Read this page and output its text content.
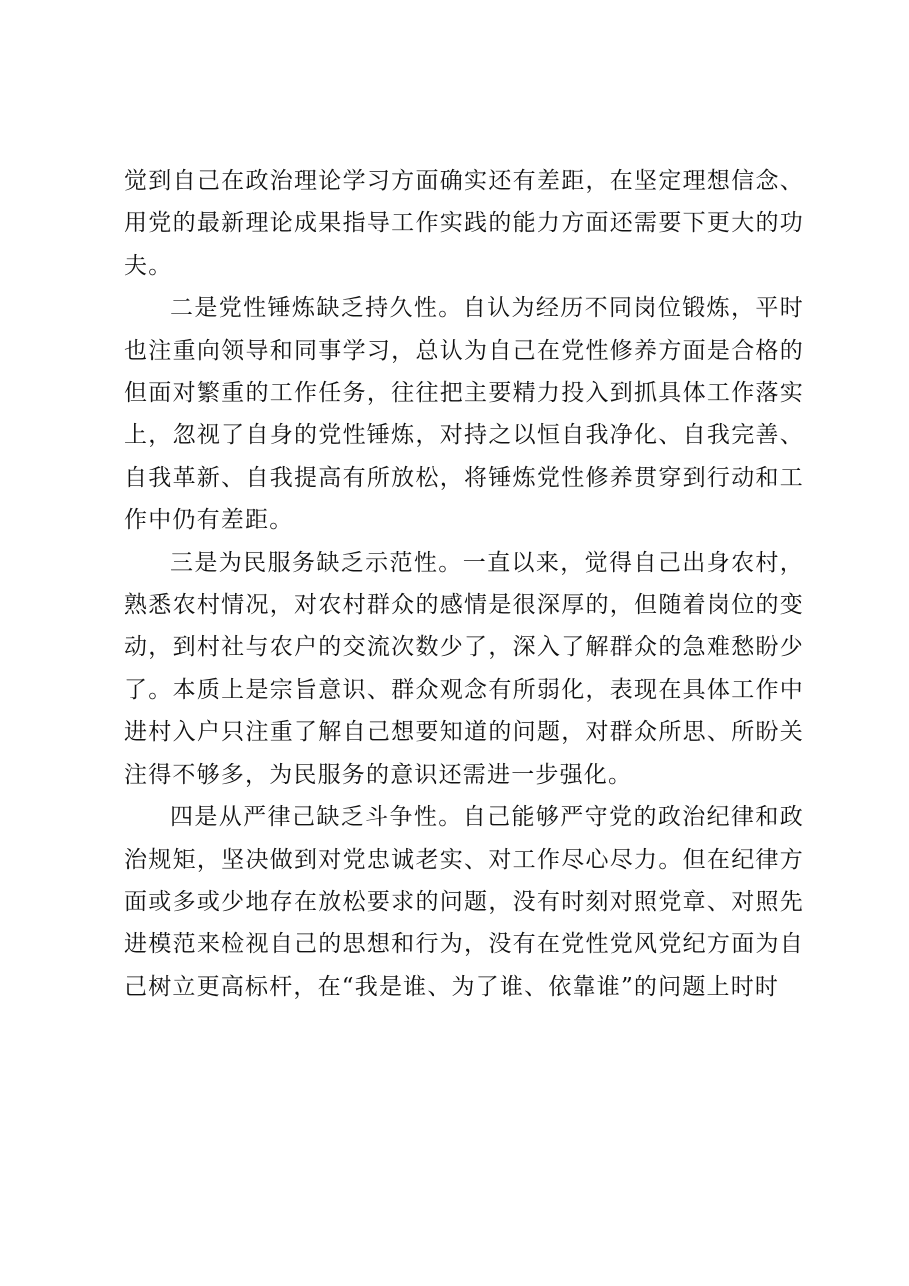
觉到自己在政治理论学习方面确实还有差距，在坚定理想信念、用党的最新理论成果指导工作实践的能力方面还需要下更大的功夫。

二是党性锤炼缺乏持久性。自认为经历不同岗位锻炼，平时也注重向领导和同事学习，总认为自己在党性修养方面是合格的但面对繁重的工作任务，往往把主要精力投入到抓具体工作落实上，忽视了自身的党性锤炼，对持之以恒自我净化、自我完善、自我革新、自我提高有所放松，将锤炼党性修养贯穿到行动和工作中仍有差距。

三是为民服务缺乏示范性。一直以来，觉得自己出身农村，熟悉农村情况，对农村群众的感情是很深厚的，但随着岗位的变动，到村社与农户的交流次数少了，深入了解群众的急难愁盼少了。本质上是宗旨意识、群众观念有所弱化，表现在具体工作中进村入户只注重了解自己想要知道的问题，对群众所思、所盼关注得不够多，为民服务的意识还需进一步强化。

四是从严律己缺乏斗争性。自己能够严守党的政治纪律和政治规矩，坚决做到对党忠诚老实、对工作尽心尽力。但在纪律方面或多或少地存在放松要求的问题，没有时刻对照党章、对照先进模范来检视自己的思想和行为，没有在党性党风党纪方面为自己树立更高标杆，在“我是谁、为了谁、依靠谁”的问题上时时
